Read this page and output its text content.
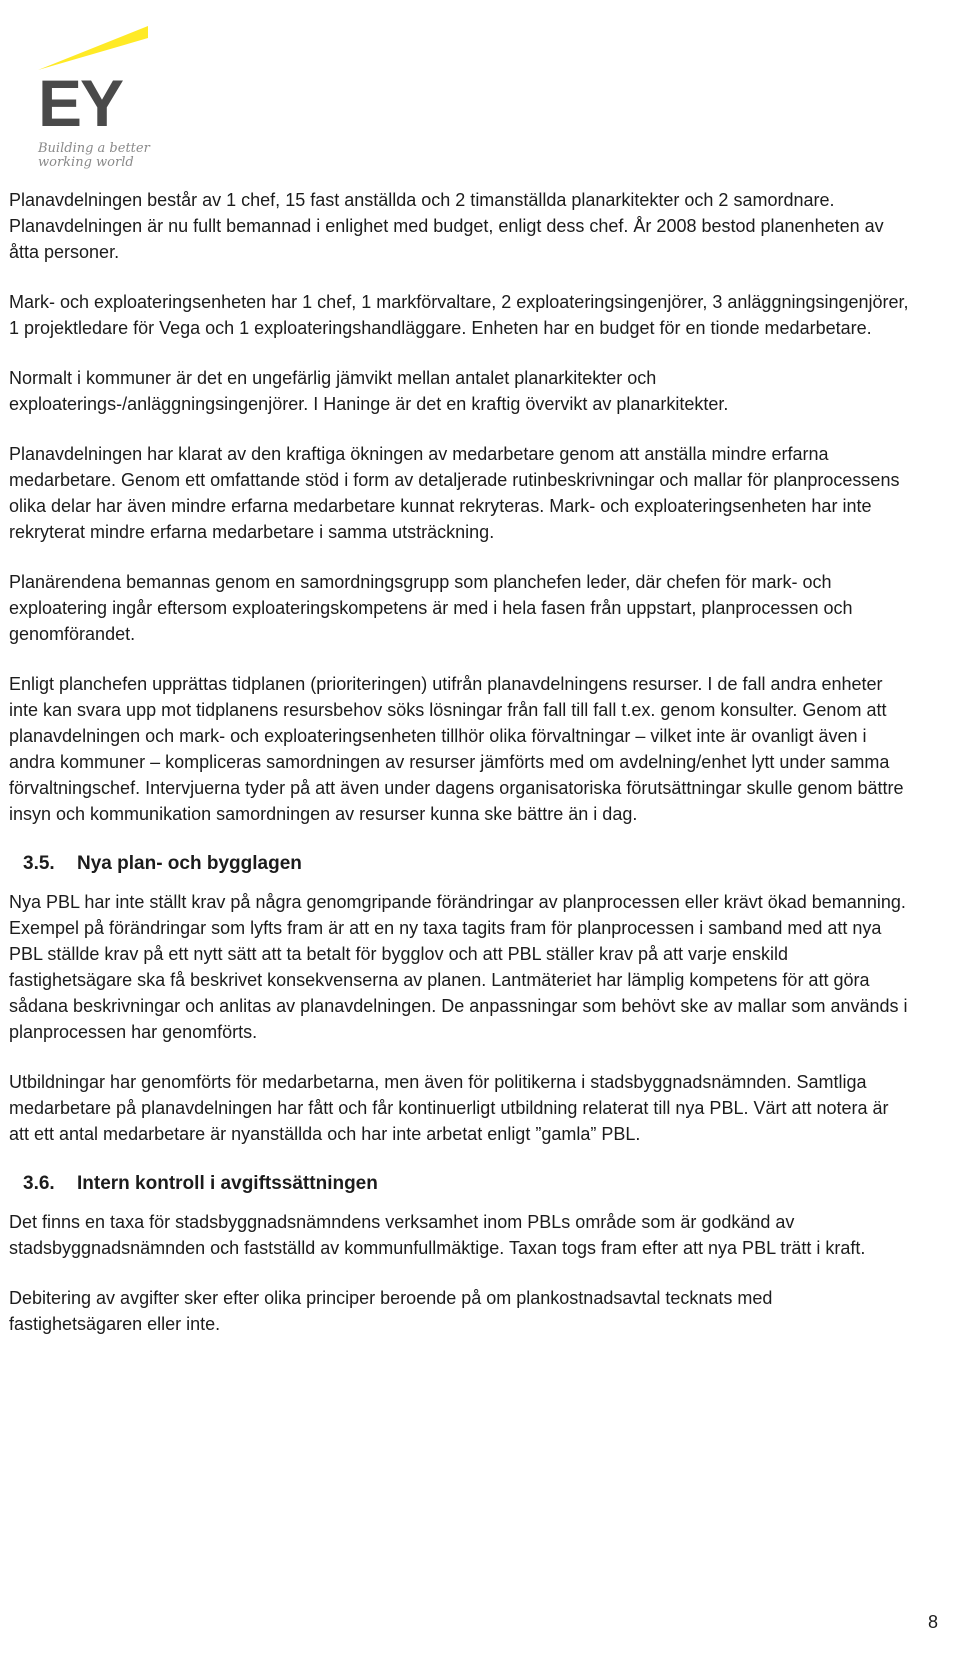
EY
Building a better
working world

Planavdelningen består av 1 chef, 15 fast anställda och 2 timanställda planarkitekter och 2 samordnare. Planavdelningen är nu fullt bemannad i enlighet med budget, enligt dess chef. År 2008 bestod planenheten av åtta personer.

Mark- och exploateringsenheten har 1 chef, 1 markförvaltare, 2 exploateringsingenjörer, 3 anläggningsingenjörer, 1 projektledare för Vega och 1 exploateringshandläggare. Enheten har en budget för en tionde medarbetare.

Normalt i kommuner är det en ungefärlig jämvikt mellan antalet planarkitekter och exploaterings-/anläggningsingenjörer. I Haninge är det en kraftig övervikt av planarkitekter.

Planavdelningen har klarat av den kraftiga ökningen av medarbetare genom att anställa mindre erfarna medarbetare. Genom ett omfattande stöd i form av detaljerade rutinbeskrivningar och mallar för planprocessens olika delar har även mindre erfarna medarbetare kunnat rekryteras. Mark- och exploateringsenheten har inte rekryterat mindre erfarna medarbetare i samma utsträckning.

Planärendena bemannas genom en samordningsgrupp som planchefen leder, där chefen för mark- och exploatering ingår eftersom exploateringskompetens är med i hela fasen från uppstart, planprocessen och genomförandet.

Enligt planchefen upprättas tidplanen (prioriteringen) utifrån planavdelningens resurser. I de fall andra enheter inte kan svara upp mot tidplanens resursbehov söks lösningar från fall till fall t.ex. genom konsulter. Genom att planavdelningen och mark- och exploateringsenheten tillhör olika förvaltningar – vilket inte är ovanligt även i andra kommuner – kompliceras samordningen av resurser jämförts med om avdelning/enhet lytt under samma förvaltningschef. Intervjuerna tyder på att även under dagens organisatoriska förutsättningar skulle genom bättre insyn och kommunikation samordningen av resurser kunna ske bättre än i dag.

3.5. Nya plan- och bygglagen

Nya PBL har inte ställt krav på några genomgripande förändringar av planprocessen eller krävt ökad bemanning. Exempel på förändringar som lyfts fram är att en ny taxa tagits fram för planprocessen i samband med att nya PBL ställde krav på ett nytt sätt att ta betalt för bygglov och att PBL ställer krav på att varje enskild fastighetsägare ska få beskrivet konsekvenserna av planen. Lantmäteriet har lämplig kompetens för att göra sådana beskrivningar och anlitas av planavdelningen. De anpassningar som behövt ske av mallar som används i planprocessen har genomförts.

Utbildningar har genomförts för medarbetarna, men även för politikerna i stadsbyggnadsnämnden. Samtliga medarbetare på planavdelningen har fått och får kontinuerligt utbildning relaterat till nya PBL. Värt att notera är att ett antal medarbetare är nyanställda och har inte arbetat enligt ”gamla” PBL.

3.6. Intern kontroll i avgiftssättningen

Det finns en taxa för stadsbyggnadsnämndens verksamhet inom PBLs område som är godkänd av stadsbyggnadsnämnden och fastställd av kommunfullmäktige. Taxan togs fram efter att nya PBL trätt i kraft.

Debitering av avgifter sker efter olika principer beroende på om plankostnadsavtal tecknats med fastighetsägaren eller inte.

8
